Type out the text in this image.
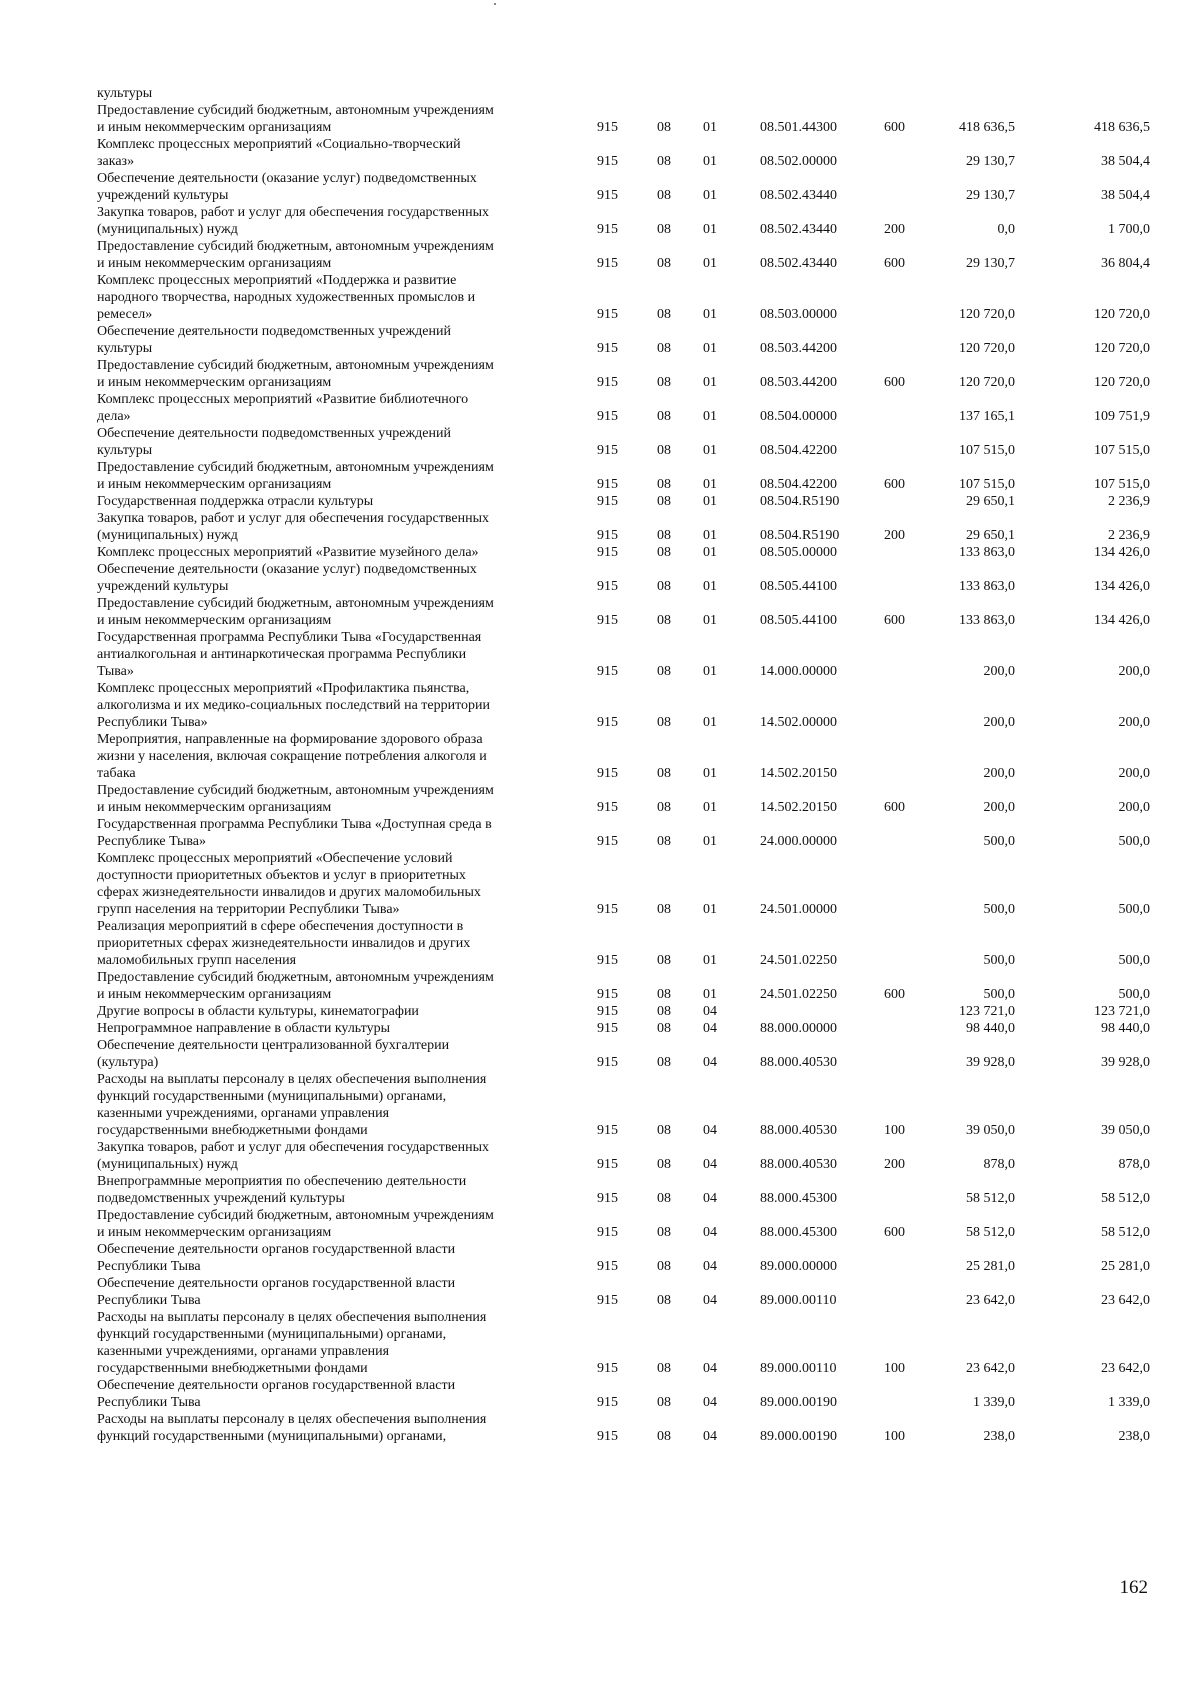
культуры
Предоставление субсидий бюджетным, автономным учреждениям
и иным некоммерческим организациям	915	08 01	08.501.44300	600	418 636,5	418 636,5
Комплекс процессных мероприятий «Социально-творческий
заказ»	915	08 01	08.502.00000	29 130,7	38 504,4
Обеспечение деятельности (оказание услуг) подведомственных
учреждений культуры	915	08 01	08.502.43440	29 130,7	38 504,4
Закупка товаров, работ и услуг для обеспечения государственных
(муниципальных) нужд	915	08 01	08.502.43440	200	0,0	1 700,0
Предоставление субсидий бюджетным, автономным учреждениям
и иным некоммерческим организациям	915	08 01	08.502.43440	600	29 130,7	36 804,4
Комплекс процессных мероприятий «Поддержка и развитие
народного творчества, народных художественных промыслов и
ремесел»	915	08 01	08.503.00000	120 720,0	120 720,0
Обеспечение деятельности подведомственных учреждений
культуры	915	08 01	08.503.44200	120 720,0	120 720,0
Предоставление субсидий бюджетным, автономным учреждениям
и иным некоммерческим организациям	915	08 01	08.503.44200	600	120 720,0	120 720,0
Комплекс процессных мероприятий «Развитие библиотечного
дела»	915	08 01	08.504.00000	137 165,1	109 751,9
Обеспечение деятельности подведомственных учреждений
культуры	915	08 01	08.504.42200	107 515,0	107 515,0
Предоставление субсидий бюджетным, автономным учреждениям
и иным некоммерческим организациям	915	08 01	08.504.42200	600	107 515,0	107 515,0
Государственная поддержка отрасли культуры	915	08 01	08.504.R5190	29 650,1	2 236,9
Закупка товаров, работ и услуг для обеспечения государственных
(муниципальных) нужд	915	08 01	08.504.R5190	200	29 650,1	2 236,9
Комплекс процессных мероприятий «Развитие музейного дела»	915	08 01	08.505.00000	133 863,0	134 426,0
Обеспечение деятельности (оказание услуг) подведомственных
учреждений культуры	915	08 01	08.505.44100	133 863,0	134 426,0
Предоставление субсидий бюджетным, автономным учреждениям
и иным некоммерческим организациям	915	08 01	08.505.44100	600	133 863,0	134 426,0
Государственная программа Республики Тыва «Государственная
антиалкогольная и антинаркотическая программа Республики
Тыва»	915	08 01	14.000.00000	200,0	200,0
Комплекс процессных мероприятий «Профилактика пьянства,
алкоголизма и их медико-социальных последствий на территории
Республики Тыва»	915	08 01	14.502.00000	200,0	200,0
Мероприятия, направленные на формирование здорового образа
жизни у населения, включая сокращение потребления алкоголя и
табака	915	08 01	14.502.20150	200,0	200,0
Предоставление субсидий бюджетным, автономным учреждениям
и иным некоммерческим организациям	915	08 01	14.502.20150	600	200,0	200,0
Государственная программа Республики Тыва «Доступная среда в
Республике Тыва»	915	08 01	24.000.00000	500,0	500,0
Комплекс процессных мероприятий «Обеспечение условий
доступности приоритетных объектов и услуг в приоритетных
сферах жизнедеятельности инвалидов и других маломобильных
групп населения на территории Республики Тыва»	915	08 01	24.501.00000	500,0	500,0
Реализация мероприятий в сфере обеспечения доступности в
приоритетных сферах жизнедеятельности инвалидов и других
маломобильных групп населения	915	08 01	24.501.02250	500,0	500,0
Предоставление субсидий бюджетным, автономным учреждениям
и иным некоммерческим организациям	915	08 01	24.501.02250	600	500,0	500,0
Другие вопросы в области культуры, кинематографии	915	08 04	123 721,0	123 721,0
Непрограммное направление в области культуры	915	08 04	88.000.00000	98 440,0	98 440,0
Обеспечение деятельности централизованной бухгалтерии
(культура)	915	08 04	88.000.40530	39 928,0	39 928,0
Расходы на выплаты персоналу в целях обеспечения выполнения
функций государственными (муниципальными) органами,
казенными учреждениями, органами управления
государственными внебюджетными фондами	915	08 04	88.000.40530	100	39 050,0	39 050,0
Закупка товаров, работ и услуг для обеспечения государственных
(муниципальных) нужд	915	08 04	88.000.40530	200	878,0	878,0
Внепрограммные мероприятия по обеспечению деятельности
подведомственных учреждений культуры	915	08 04	88.000.45300	58 512,0	58 512,0
Предоставление субсидий бюджетным, автономным учреждениям
и иным некоммерческим организациям	915	08 04	88.000.45300	600	58 512,0	58 512,0
Обеспечение деятельности органов государственной власти
Республики Тыва	915	08 04	89.000.00000	25 281,0	25 281,0
Обеспечение деятельности органов государственной власти
Республики Тыва	915	08 04	89.000.00110	23 642,0	23 642,0
Расходы на выплаты персоналу в целях обеспечения выполнения
функций государственными (муниципальными) органами,
казенными учреждениями, органами управления
государственными внебюджетными фондами	915	08 04	89.000.00110	100	23 642,0	23 642,0
Обеспечение деятельности органов государственной власти
Республики Тыва	915	08 04	89.000.00190	1 339,0	1 339,0
Расходы на выплаты персоналу в целях обеспечения выполнения
функций государственными (муниципальными) органами,	915	08 04	89.000.00190	100	238,0	238,0
162
